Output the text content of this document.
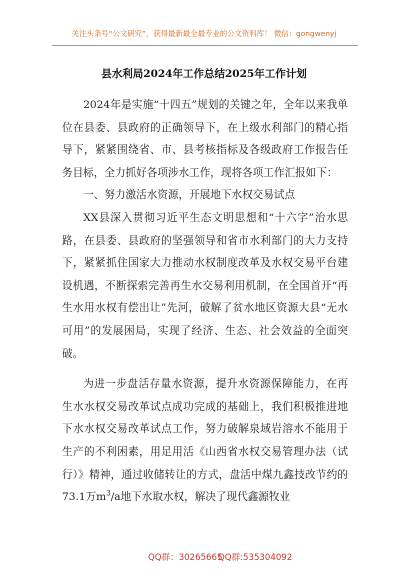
关注头条号“公文研究”，获得最新最全最专业的公文资料库！ 微信：gongwenyj
县水利局2024年工作总结2025年工作计划

2024年是实施“十四五”规划的关键之年，全年以来我单位在县委、县政府的正确领导下，在上级水利部门的精心指导下，紧紧围绕省、市、县考核指标及各级政府工作报告任务目标，全力抓好各项涉水工作，现将各项工作汇报如下：

一、努力激活水资源，开展地下水权交易试点

XX县深入贯彻习近平生态文明思想和“十六字”治水思路，在县委、县政府的坚强领导和省市水利部门的大力支持下，紧紧抓住国家大力推动水权制度改革及水权交易平台建设机遇，不断探索完善再生水交易利用机制，在全国首开“再生水用水权有偿出让”先河，破解了贫水地区资源大县“无水可用”的发展困局，实现了经济、生态、社会效益的全面突破。

为进一步盘活存量水资源，提升水资源保障能力，在再生水水权交易改革试点成功完成的基础上，我们积极推进地下水水权交易改革试点工作，努力破解泉域岩溶水不能用于生产的不利困素，用足用活《山西省水权交易管理办法（试行）》精神，通过收储转让的方式，盘活中煤九鑫技改节约的73.1万$m^3/a$地下水取水权，解决了现代鑫源牧业

QQ群：30265665
QQ群:535304092
